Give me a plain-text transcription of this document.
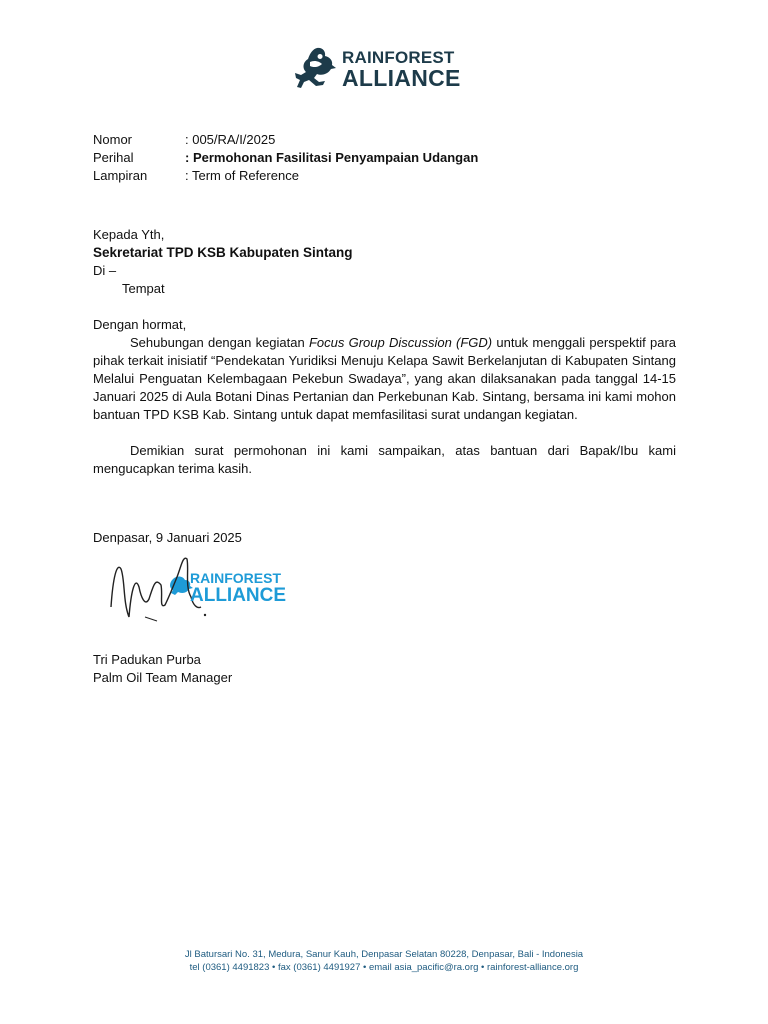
RAINFOREST
ALLIANCE
Nomor	: 005/RA/I/2025
Perihal	: Permohonan Fasilitasi Penyampaian Udangan
Lampiran	: Term of Reference
Kepada Yth,
Sekretariat TPD KSB Kabupaten Sintang
Di –
Tempat

Dengan hormat,

Sehubungan dengan kegiatan Focus Group Discussion (FGD) untuk menggali perspektif para pihak terkait inisiatif “Pendekatan Yuridiksi Menuju Kelapa Sawit Berkelanjutan di Kabupaten Sintang Melalui Penguatan Kelembagaan Pekebun Swadaya”, yang akan dilaksanakan pada tanggal 14-15 Januari 2025 di Aula Botani Dinas Pertanian dan Perkebunan Kab. Sintang, bersama ini kami mohon bantuan TPD KSB Kab. Sintang untuk dapat memfasilitasi surat undangan kegiatan.

Demikian surat permohonan ini kami sampaikan, atas bantuan dari Bapak/Ibu kami mengucapkan terima kasih.

Denpasar, 9 Januari 2025
RAINFOREST
ALLIANCE
Tri Padukan Purba
Palm Oil Team Manager
Jl Batursari No. 31, Medura, Sanur Kauh, Denpasar Selatan 80228, Denpasar, Bali - Indonesia
tel (0361) 4491823 • fax (0361) 4491927 • email asia_pacific@ra.org • rainforest-alliance.org
